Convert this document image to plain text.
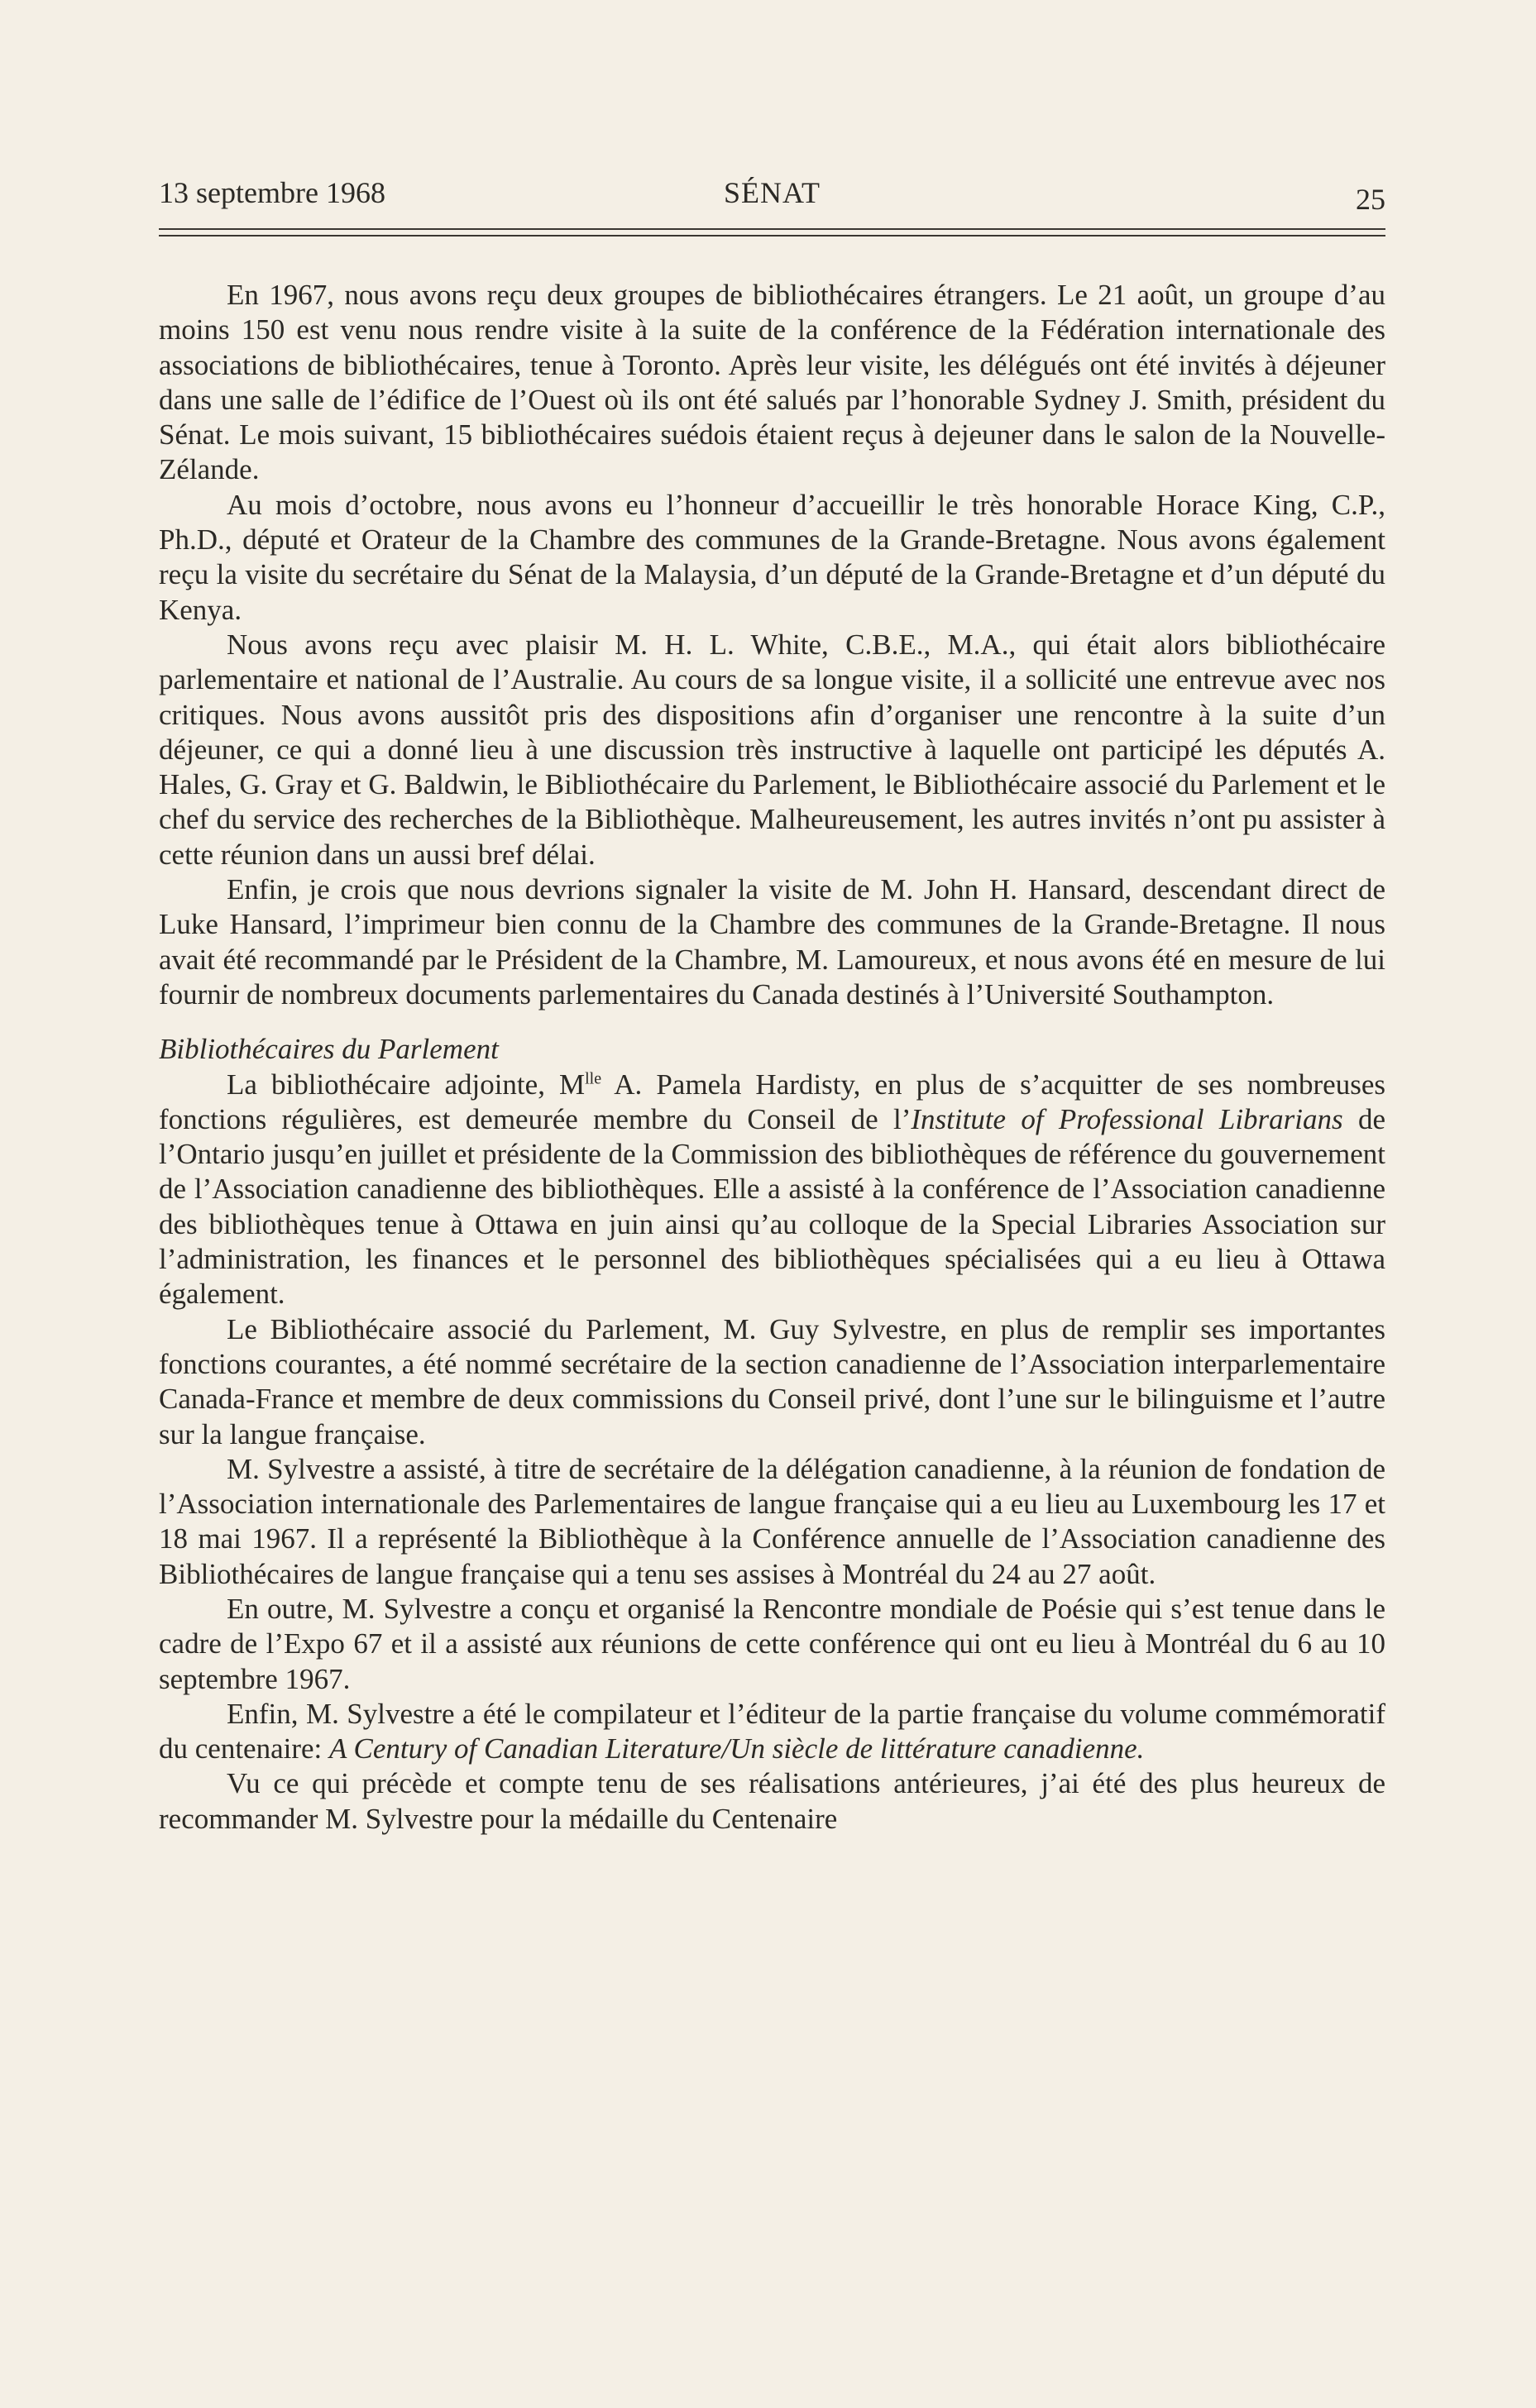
13 septembre 1968	SÉNAT	25

En 1967, nous avons reçu deux groupes de bibliothécaires étrangers. Le 21 août, un groupe d’au moins 150 est venu nous rendre visite à la suite de la conférence de la Fédération internationale des associations de bibliothécaires, tenue à Toronto. Après leur visite, les délégués ont été invités à déjeuner dans une salle de l’édifice de l’Ouest où ils ont été salués par l’honorable Sydney J. Smith, président du Sénat. Le mois suivant, 15 bibliothécaires suédois étaient reçus à dejeuner dans le salon de la Nouvelle-Zélande.

Au mois d’octobre, nous avons eu l’honneur d’accueillir le très honorable Horace King, C.P., Ph.D., député et Orateur de la Chambre des communes de la Grande-Bretagne. Nous avons également reçu la visite du secrétaire du Sénat de la Malaysia, d’un député de la Grande-Bretagne et d’un député du Kenya.

Nous avons reçu avec plaisir M. H. L. White, C.B.E., M.A., qui était alors bibliothécaire parlementaire et national de l’Australie. Au cours de sa longue visite, il a sollicité une entrevue avec nos critiques. Nous avons aussitôt pris des dispositions afin d’organiser une rencontre à la suite d’un déjeuner, ce qui a donné lieu à une discussion très instructive à laquelle ont participé les députés A. Hales, G. Gray et G. Baldwin, le Bibliothécaire du Parlement, le Bibliothécaire associé du Parlement et le chef du service des recherches de la Bibliothèque. Malheureusement, les autres invités n’ont pu assister à cette réunion dans un aussi bref délai.

Enfin, je crois que nous devrions signaler la visite de M. John H. Hansard, descendant direct de Luke Hansard, l’imprimeur bien connu de la Chambre des communes de la Grande-Bretagne. Il nous avait été recommandé par le Président de la Chambre, M. Lamoureux, et nous avons été en mesure de lui fournir de nombreux documents parlementaires du Canada destinés à l’Université Southampton.

Bibliothécaires du Parlement

La bibliothécaire adjointe, $M^{lle}$ A. Pamela Hardisty, en plus de s’acquitter de ses nombreuses fonctions régulières, est demeurée membre du Conseil de l’Institute of Professional Librarians de l’Ontario jusqu’en juillet et présidente de la Commission des bibliothèques de référence du gouvernement de l’Association canadienne des bibliothèques. Elle a assisté à la conférence de l’Association canadienne des bibliothèques tenue à Ottawa en juin ainsi qu’au colloque de la Special Libraries Association sur l’administration, les finances et le personnel des bibliothèques spécialisées qui a eu lieu à Ottawa également.

Le Bibliothécaire associé du Parlement, M. Guy Sylvestre, en plus de remplir ses importantes fonctions courantes, a été nommé secrétaire de la section canadienne de l’Association interparlementaire Canada-France et membre de deux commissions du Conseil privé, dont l’une sur le bilinguisme et l’autre sur la langue française.

M. Sylvestre a assisté, à titre de secrétaire de la délégation canadienne, à la réunion de fondation de l’Association internationale des Parlementaires de langue française qui a eu lieu au Luxembourg les 17 et 18 mai 1967. Il a représenté la Bibliothèque à la Conférence annuelle de l’Association canadienne des Bibliothécaires de langue française qui a tenu ses assises à Montréal du 24 au 27 août.

En outre, M. Sylvestre a conçu et organisé la Rencontre mondiale de Poésie qui s’est tenue dans le cadre de l’Expo 67 et il a assisté aux réunions de cette conférence qui ont eu lieu à Montréal du 6 au 10 septembre 1967.

Enfin, M. Sylvestre a été le compilateur et l’éditeur de la partie française du volume commémoratif du centenaire: A Century of Canadian Literature/Un siècle de littérature canadienne.

Vu ce qui précède et compte tenu de ses réalisations antérieures, j’ai été des plus heureux de recommander M. Sylvestre pour la médaille du Centenaire
